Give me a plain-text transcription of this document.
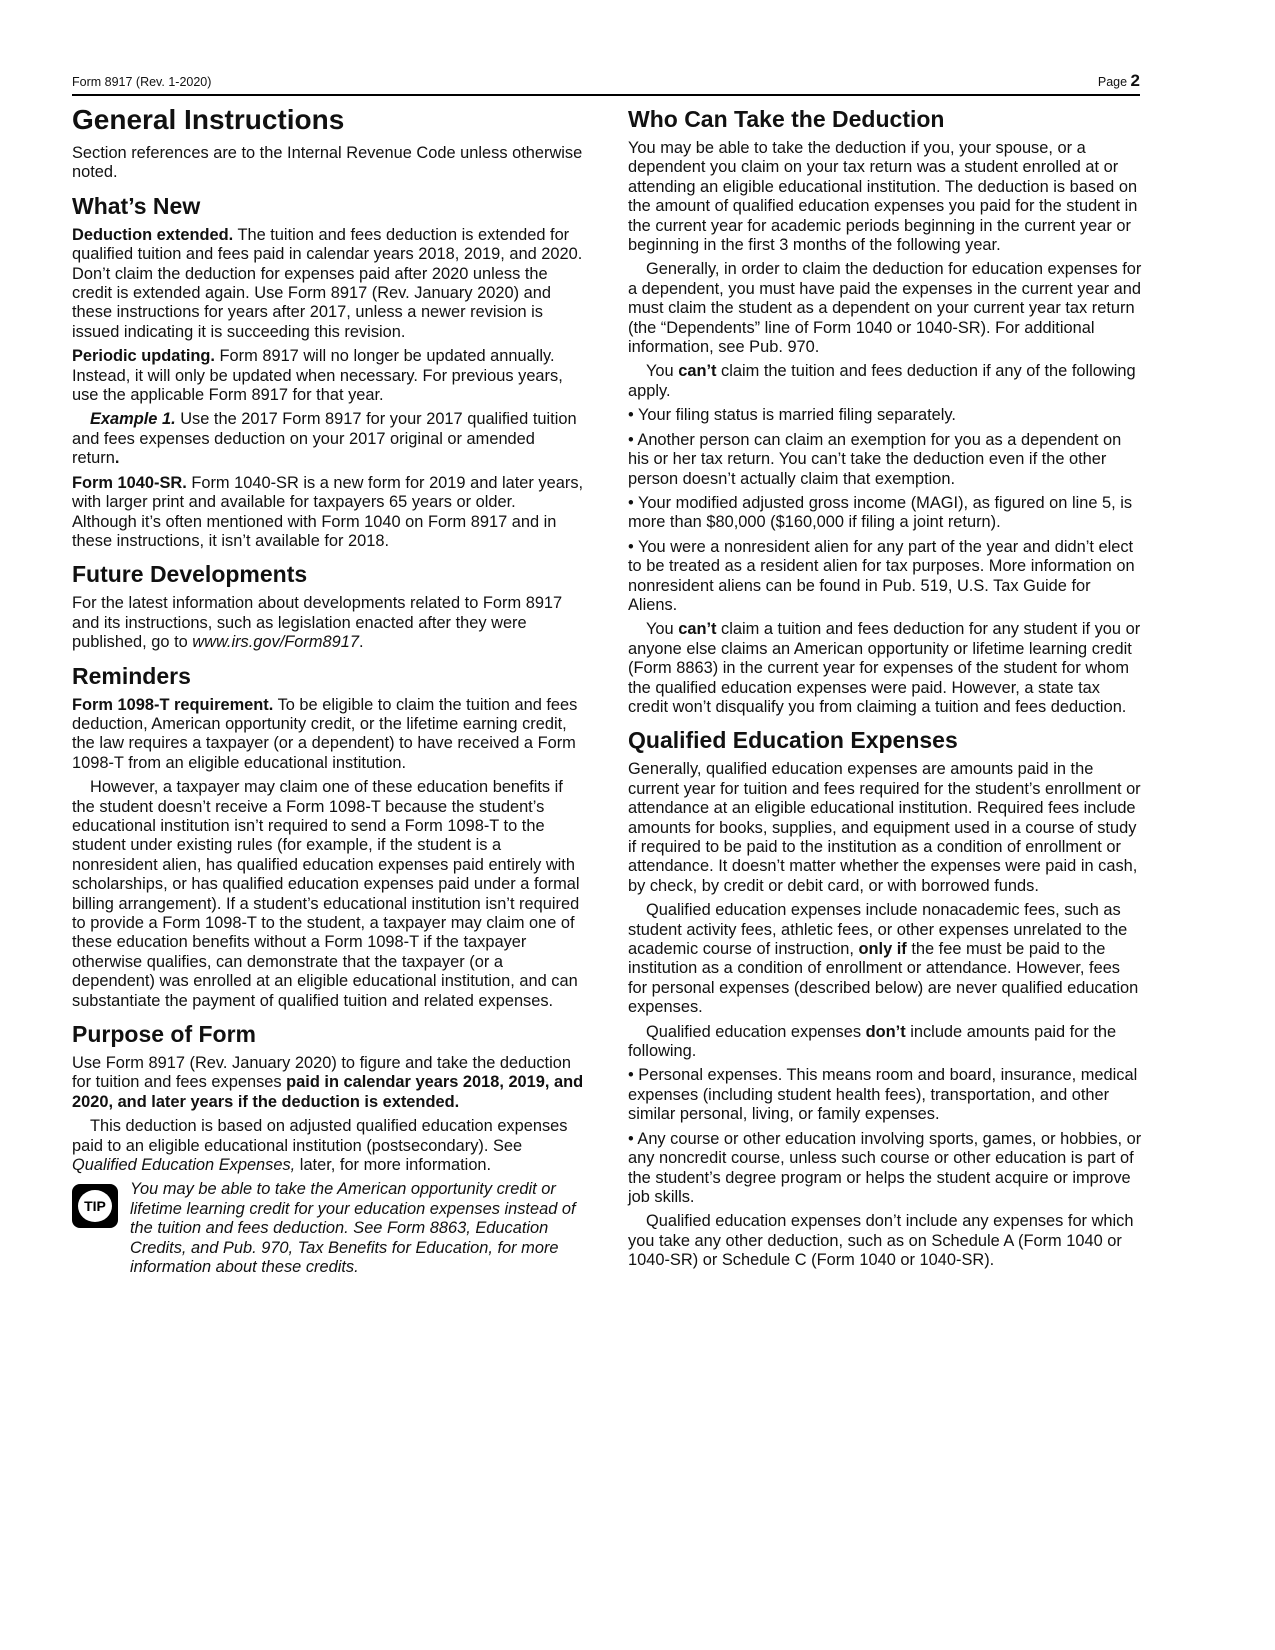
Form 8917 (Rev. 1-2020)	Page 2
General Instructions

Section references are to the Internal Revenue Code unless otherwise noted.

What’s New

Deduction extended. The tuition and fees deduction is extended for qualified tuition and fees paid in calendar years 2018, 2019, and 2020. Don’t claim the deduction for expenses paid after 2020 unless the credit is extended again. Use Form 8917 (Rev. January 2020) and these instructions for years after 2017, unless a newer revision is issued indicating it is succeeding this revision.

Periodic updating. Form 8917 will no longer be updated annually. Instead, it will only be updated when necessary. For previous years, use the applicable Form 8917 for that year.

Example 1. Use the 2017 Form 8917 for your 2017 qualified tuition and fees expenses deduction on your 2017 original or amended return.

Form 1040-SR. Form 1040-SR is a new form for 2019 and later years, with larger print and available for taxpayers 65 years or older. Although it’s often mentioned with Form 1040 on Form 8917 and in these instructions, it isn’t available for 2018.

Future Developments

For the latest information about developments related to Form 8917 and its instructions, such as legislation enacted after they were published, go to www.irs.gov/Form8917.

Reminders

Form 1098-T requirement. To be eligible to claim the tuition and fees deduction, American opportunity credit, or the lifetime earning credit, the law requires a taxpayer (or a dependent) to have received a Form 1098-T from an eligible educational institution.

However, a taxpayer may claim one of these education benefits if the student doesn’t receive a Form 1098-T because the student’s educational institution isn’t required to send a Form 1098-T to the student under existing rules (for example, if the student is a nonresident alien, has qualified education expenses paid entirely with scholarships, or has qualified education expenses paid under a formal billing arrangement). If a student’s educational institution isn’t required to provide a Form 1098-T to the student, a taxpayer may claim one of these education benefits without a Form 1098-T if the taxpayer otherwise qualifies, can demonstrate that the taxpayer (or a dependent) was enrolled at an eligible educational institution, and can substantiate the payment of qualified tuition and related expenses.

Purpose of Form

Use Form 8917 (Rev. January 2020) to figure and take the deduction for tuition and fees expenses paid in calendar years 2018, 2019, and 2020, and later years if the deduction is extended.

This deduction is based on adjusted qualified education expenses paid to an eligible educational institution (postsecondary). See Qualified Education Expenses, later, for more information.

TIP
You may be able to take the American opportunity credit or lifetime learning credit for your education expenses instead of the tuition and fees deduction. See Form 8863, Education Credits, and Pub. 970, Tax Benefits for Education, for more information about these credits.
Who Can Take the Deduction

You may be able to take the deduction if you, your spouse, or a dependent you claim on your tax return was a student enrolled at or attending an eligible educational institution. The deduction is based on the amount of qualified education expenses you paid for the student in the current year for academic periods beginning in the current year or beginning in the first 3 months of the following year.

Generally, in order to claim the deduction for education expenses for a dependent, you must have paid the expenses in the current year and must claim the student as a dependent on your current year tax return (the “Dependents” line of Form 1040 or 1040-SR). For additional information, see Pub. 970.

You can’t claim the tuition and fees deduction if any of the following apply.

• Your filing status is married filing separately.

• Another person can claim an exemption for you as a dependent on his or her tax return. You can’t take the deduction even if the other person doesn’t actually claim that exemption.

• Your modified adjusted gross income (MAGI), as figured on line 5, is more than $80,000 ($160,000 if filing a joint return).

• You were a nonresident alien for any part of the year and didn’t elect to be treated as a resident alien for tax purposes. More information on nonresident aliens can be found in Pub. 519, U.S. Tax Guide for Aliens.

You can’t claim a tuition and fees deduction for any student if you or anyone else claims an American opportunity or lifetime learning credit (Form 8863) in the current year for expenses of the student for whom the qualified education expenses were paid. However, a state tax credit won’t disqualify you from claiming a tuition and fees deduction.

Qualified Education Expenses

Generally, qualified education expenses are amounts paid in the current year for tuition and fees required for the student’s enrollment or attendance at an eligible educational institution. Required fees include amounts for books, supplies, and equipment used in a course of study if required to be paid to the institution as a condition of enrollment or attendance. It doesn’t matter whether the expenses were paid in cash, by check, by credit or debit card, or with borrowed funds.

Qualified education expenses include nonacademic fees, such as student activity fees, athletic fees, or other expenses unrelated to the academic course of instruction, only if the fee must be paid to the institution as a condition of enrollment or attendance. However, fees for personal expenses (described below) are never qualified education expenses.

Qualified education expenses don’t include amounts paid for the following.

• Personal expenses. This means room and board, insurance, medical expenses (including student health fees), transportation, and other similar personal, living, or family expenses.

• Any course or other education involving sports, games, or hobbies, or any noncredit course, unless such course or other education is part of the student’s degree program or helps the student acquire or improve job skills.

Qualified education expenses don’t include any expenses for which you take any other deduction, such as on Schedule A (Form 1040 or 1040-SR) or Schedule C (Form 1040 or 1040-SR).
